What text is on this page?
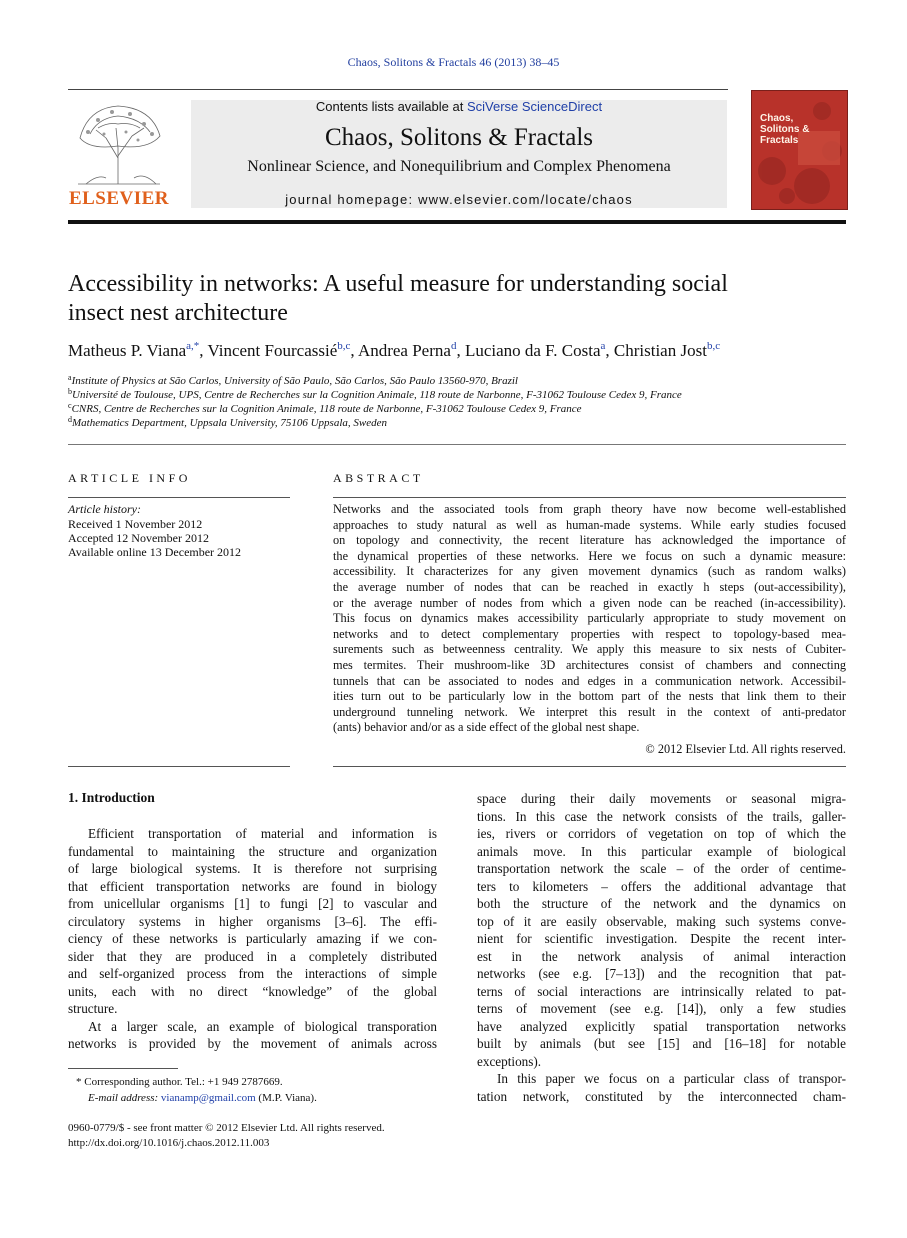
Chaos, Solitons & Fractals 46 (2013) 38–45
ELSEVIER
Contents lists available at SciVerse ScienceDirect
Chaos, Solitons & Fractals
Nonlinear Science, and Nonequilibrium and Complex Phenomena
journal homepage: www.elsevier.com/locate/chaos
Chaos, Solitons & Fractals
Accessibility in networks: A useful measure for understanding social
insect nest architecture
Matheus P. Viana$^{a,*}$, Vincent Fourcassié$^{b,c}$, Andrea Perna$^d$, Luciano da F. Costa$^a$, Christian Jost$^{b,c}$
$^a$Institute of Physics at São Carlos, University of São Paulo, São Carlos, São Paulo 13560-970, Brazil
$^b$Université de Toulouse, UPS, Centre de Recherches sur la Cognition Animale, 118 route de Narbonne, F-31062 Toulouse Cedex 9, France
$^c$CNRS, Centre de Recherches sur la Cognition Animale, 118 route de Narbonne, F-31062 Toulouse Cedex 9, France
$^d$Mathematics Department, Uppsala University, 75106 Uppsala, Sweden
ARTICLE INFO
Article history:
Received 1 November 2012
Accepted 12 November 2012
Available online 13 December 2012
ABSTRACT
Networks and the associated tools from graph theory have now become well-established
approaches to study natural as well as human-made systems. While early studies focused
on topology and connectivity, the recent literature has acknowledged the importance of
the dynamical properties of these networks. Here we focus on such a dynamic measure:
accessibility. It characterizes for any given movement dynamics (such as random walks)
the average number of nodes that can be reached in exactly h steps (out-accessibility),
or the average number of nodes from which a given node can be reached (in-accessibility).
This focus on dynamics makes accessibility particularly appropriate to study movement on
networks and to detect complementary properties with respect to topology-based mea-
surements such as betweenness centrality. We apply this measure to six nests of Cubiter-
mes termites. Their mushroom-like 3D architectures consist of chambers and connecting
tunnels that can be associated to nodes and edges in a communication network. Accessibil-
ities turn out to be particularly low in the bottom part of the nests that link them to their
underground tunneling network. We interpret this result in the context of anti-predator
(ants) behavior and/or as a side effect of the global nest shape.
© 2012 Elsevier Ltd. All rights reserved.
1. Introduction
Efficient transportation of material and information is
fundamental to maintaining the structure and organization
of large biological systems. It is therefore not surprising
that efficient transportation networks are found in biology
from unicellular organisms [1] to fungi [2] to vascular and
circulatory systems in higher organisms [3–6]. The effi-
ciency of these networks is particularly amazing if we con-
sider that they are produced in a completely distributed
and self-organized process from the interactions of simple
units, each with no direct “knowledge” of the global
structure.
At a larger scale, an example of biological transporation
networks is provided by the movement of animals across
space during their daily movements or seasonal migra-
tions. In this case the network consists of the trails, galler-
ies, rivers or corridors of vegetation on top of which the
animals move. In this particular example of biological
transportation network the scale – of the order of centime-
ters to kilometers – offers the additional advantage that
both the structure of the network and the dynamics on
top of it are easily observable, making such systems conve-
nient for scientific investigation. Despite the recent inter-
est in the network analysis of animal interaction
networks (see e.g. [7–13]) and the recognition that pat-
terns of social interactions are intrinsically related to pat-
terns of movement (see e.g. [14]), only a few studies
have analyzed explicitly spatial transportation networks
built by animals (but see [15] and [16–18] for notable
exceptions).
In this paper we focus on a particular class of transpor-
tation network, constituted by the interconnected cham-
* Corresponding author. Tel.: +1 949 2787669.
E-mail address: vianamp@gmail.com (M.P. Viana).
0960-0779/$ - see front matter © 2012 Elsevier Ltd. All rights reserved.
http://dx.doi.org/10.1016/j.chaos.2012.11.003
